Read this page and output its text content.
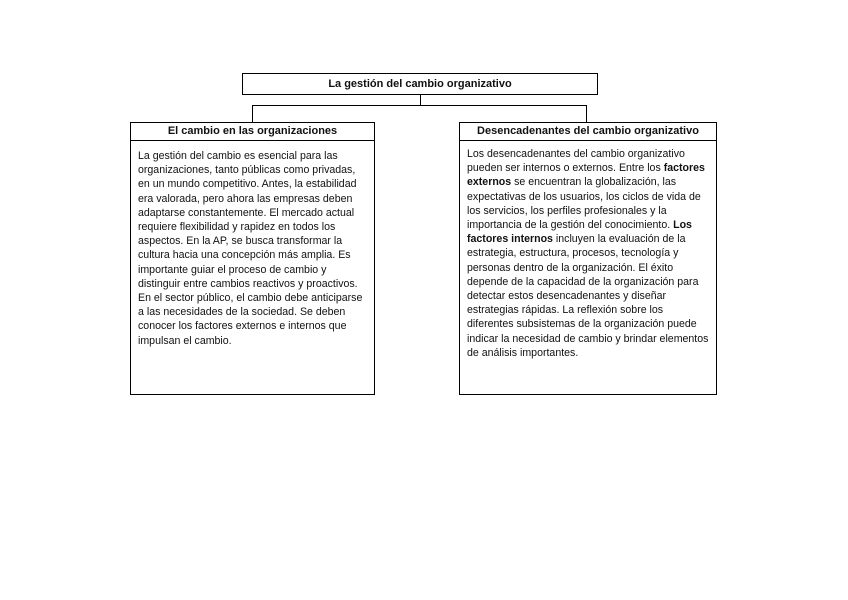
La gestión del cambio organizativo
El cambio en las organizaciones
La gestión del cambio es esencial para las organizaciones, tanto públicas como privadas, en un mundo competitivo. Antes, la estabilidad era valorada, pero ahora las empresas deben adaptarse constantemente. El mercado actual requiere flexibilidad y rapidez en todos los aspectos. En la AP, se busca transformar la cultura hacia una concepción más amplia. Es importante guiar el proceso de cambio y distinguir entre cambios reactivos y proactivos. En el sector público, el cambio debe anticiparse a las necesidades de la sociedad. Se deben conocer los factores externos e internos que impulsan el cambio.
Desencadenantes del cambio organizativo
Los desencadenantes del cambio organizativo pueden ser internos o externos. Entre los factores externos se encuentran la globalización, las expectativas de los usuarios, los ciclos de vida de los servicios, los perfiles profesionales y la importancia de la gestión del conocimiento. Los factores internos incluyen la evaluación de la estrategia, estructura, procesos, tecnología y personas dentro de la organización. El éxito depende de la capacidad de la organización para detectar estos desencadenantes y diseñar estrategias rápidas. La reflexión sobre los diferentes subsistemas de la organización puede indicar la necesidad de cambio y brindar elementos de análisis importantes.
